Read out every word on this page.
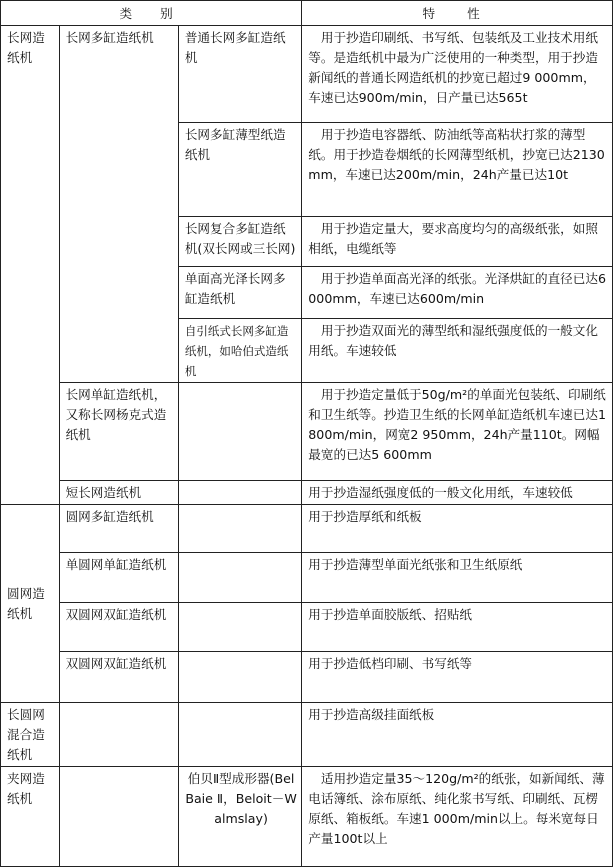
类 别			特 性
长网造纸机	长网多缸造纸机	普通长网多缸造纸机	用于抄造印刷纸、书写纸、包装纸及工业技术用纸等。是造纸机中最为广泛使用的一种类型，用于抄造新闻纸的普通长网造纸机的抄宽已超过9 000mm，车速已达900m/min，日产量已达565t
		长网多缸薄型纸造纸机	用于抄造电容器纸、防油纸等高粘状打浆的薄型纸。用于抄造卷烟纸的长网薄型纸机，抄宽已达2130mm，车速已达200m/min，24h产量已达10t
		长网复合多缸造纸机(双长网或三长网)	用于抄造定量大，要求高度均匀的高级纸张，如照相纸，电缆纸等
		单面高光泽长网多缸造纸机	用于抄造单面高光泽的纸张。光泽烘缸的直径已达6000mm，车速已达600m/min
		自引纸式长网多缸造纸机，如哈伯式造纸机	用于抄造双面光的薄型纸和湿纸强度低的一般文化用纸。车速较低
	长网单缸造纸机，又称长网杨克式造纸机		用于抄造定量低于50g/m²的单面光包装纸、印刷纸和卫生纸等。抄造卫生纸的长网单缸造纸机车速已达1 800m/min，网宽2 950mm，24h产量110t。网幅最宽的已达5 600mm
	短长网造纸机		用于抄造湿纸强度低的一般文化用纸，车速较低
圆网造纸机	圆网多缸造纸机		用于抄造厚纸和纸板
	单圆网单缸造纸机		用于抄造薄型单面光纸张和卫生纸原纸
	双圆网双缸造纸机		用于抄造单面胶版纸、招贴纸
	双圆网双缸造纸机		用于抄造低档印刷、书写纸等
长圆网混合造纸机			用于抄造高级挂面纸板
夹网造纸机		伯贝Ⅱ型成形器(Bel Baie Ⅱ，Beloit－Walmslay)	适用抄造定量35～120g/m²的纸张，如新闻纸、薄电话簿纸、涂布原纸、纯化浆书写纸、印刷纸、瓦楞原纸、箱板纸。车速1 000m/min以上。每米宽每日产量100t以上
